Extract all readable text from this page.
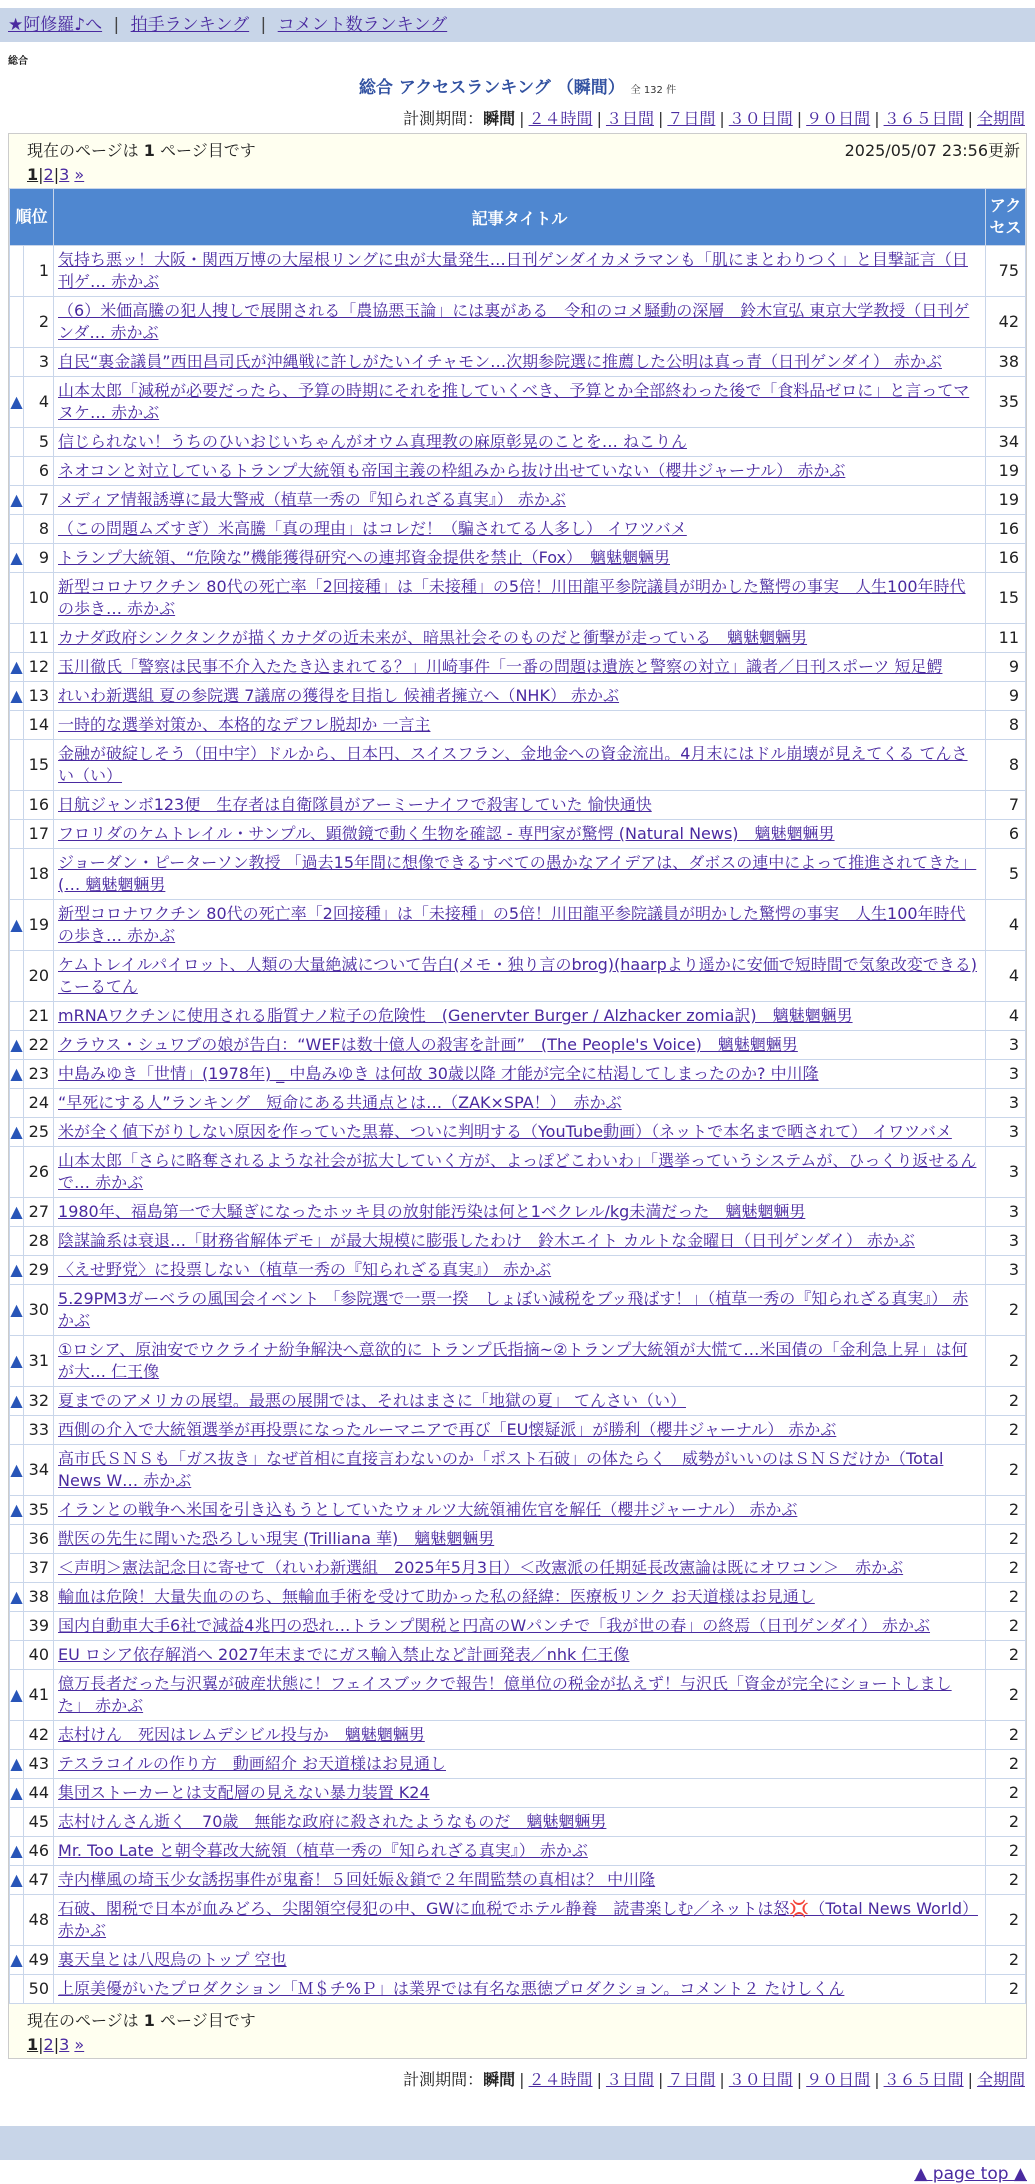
★阿修羅♪へ | 拍手ランキング | コメント数ランキング
総合
総合 アクセスランキング （瞬間） 全 132 件
計測期間：瞬間 | ２４時間 | ３日間 | ７日間 | ３０日間 | ９０日間 | ３６５日間 | 全期間
現在のページは 1 ページ目です	2025/05/07 23:56更新
1|2|3 »
順位		記事タイトル	アクセス
	1	気持ち悪ッ！大阪・関西万博の大屋根リングに虫が大量発生…日刊ゲンダイカメラマンも「肌にまとわりつく」と目撃証言（日刊ゲ… 赤かぶ	75
	2	（6）米価高騰の犯人捜しで展開される「農協悪玉論」には裏がある　令和のコメ騒動の深層　鈴木宣弘 東京大学教授（日刊ゲンダ… 赤かぶ	42
	3	自民“裏金議員”西田昌司氏が沖縄戦に許しがたいイチャモン…次期参院選に推薦した公明は真っ青（日刊ゲンダイ） 赤かぶ	38
▲	4	山本太郎「減税が必要だったら、予算の時期にそれを推していくべき、予算とか全部終わった後で「食料品ゼロに」と言ってマヌケ… 赤かぶ	35
	5	信じられない！うちのひいおじいちゃんがオウム真理教の麻原彰晃のことを… ねこりん	34
	6	ネオコンと対立しているトランプ大統領も帝国主義の枠組みから抜け出せていない（櫻井ジャーナル） 赤かぶ	19
▲	7	メディア情報誘導に最大警戒（植草一秀の『知られざる真実』） 赤かぶ	19
	8	（この問題ムズすぎ）米高騰「真の理由」はコレだ！（騙されてる人多し） イワツバメ	16
▲	9	トランプ大統領、“危険な”機能獲得研究への連邦資金提供を禁止（Fox）　魑魅魍魎男	16
	10	新型コロナワクチン 80代の死亡率「2回接種」は「未接種」の5倍！川田龍平参院議員が明かした驚愕の事実　人生100年時代の歩き… 赤かぶ	15
	11	カナダ政府シンクタンクが描くカナダの近未来が、暗黒社会そのものだと衝撃が走っている　魑魅魍魎男	11
▲	12	玉川徹氏「警察は民事不介入たたき込まれてる？」川崎事件「一番の問題は遺族と警察の対立」識者／日刊スポーツ 短足鰐	9
▲	13	れいわ新選組 夏の参院選 7議席の獲得を目指し 候補者擁立へ（NHK） 赤かぶ	9
	14	一時的な選挙対策か、本格的なデフレ脱却か 一言主	8
	15	金融が破綻しそう（田中宇）ドルから、日本円、スイスフラン、金地金への資金流出。4月末にはドル崩壊が見えてくる てんさい（い）	8
	16	日航ジャンボ123便　生存者は自衛隊員がアーミーナイフで殺害していた 愉快通快	7
	17	フロリダのケムトレイル・サンプル、顕微鏡で動く生物を確認 - 専門家が驚愕 (Natural News)　魑魅魍魎男	6
	18	ジョーダン・ピーターソン教授 「過去15年間に想像できるすべての愚かなアイデアは、ダボスの連中によって推進されてきた」(… 魑魅魍魎男	5
▲	19	新型コロナワクチン 80代の死亡率「2回接種」は「未接種」の5倍！川田龍平参院議員が明かした驚愕の事実　人生100年時代の歩き… 赤かぶ	4
	20	ケムトレイルパイロット、人類の大量絶滅について告白(メモ・独り言のbrog)(haarpより遥かに安価で短時間で気象改変できる) こーるてん	4
	21	mRNAワクチンに使用される脂質ナノ粒子の危険性　(Genervter Burger / Alzhacker zomia訳)　魑魅魍魎男	4
▲	22	クラウス・シュワブの娘が告白：“WEFは数十億人の殺害を計画”　(The People's Voice)　魑魅魍魎男	3
▲	23	中島みゆき「世情」(1978年) _ 中島みゆき は何故 30歳以降 才能が完全に枯渇してしまったのか? 中川隆	3
	24	“早死にする人”ランキング　短命にある共通点とは…（ZAK×SPA！）　赤かぶ	3
▲	25	米が全く値下がりしない原因を作っていた黒幕、ついに判明する（YouTube動画）（ネットで本名まで晒されて） イワツバメ	3
	26	山本太郎「さらに略奪されるような社会が拡大していく方が、よっぽどこわいわ」「選挙っていうシステムが、ひっくり返せるんで… 赤かぶ	3
▲	27	1980年、福島第一で大騒ぎになったホッキ貝の放射能汚染は何と1ベクレル/kg未満だった　魑魅魍魎男	3
	28	陰謀論系は衰退…「財務省解体デモ」が最大規模に膨張したわけ　鈴木エイト カルトな金曜日（日刊ゲンダイ） 赤かぶ	3
▲	29	〈えせ野党〉に投票しない（植草一秀の『知られざる真実』） 赤かぶ	3
▲	30	5.29PM3ガーベラの風国会イベント 「参院選で一票一揆　しょぼい減税をブッ飛ばす！」（植草一秀の『知られざる真実』） 赤かぶ	2
▲	31	①ロシア、原油安でウクライナ紛争解決へ意欲的に トランプ氏指摘~②トランプ大統領が大慌て…米国債の「金利急上昇」は何が大… 仁王像	2
▲	32	夏までのアメリカの展望。最悪の展開では、それはまさに「地獄の夏」 てんさい（い）	2
	33	西側の介入で大統領選挙が再投票になったルーマニアで再び「EU懐疑派」が勝利（櫻井ジャーナル） 赤かぶ	2
▲	34	高市氏ＳＮＳも「ガス抜き」なぜ首相に直接言わないのか「ポスト石破」の体たらく　威勢がいいのはＳＮＳだけか（Total News W… 赤かぶ	2
▲	35	イランとの戦争へ米国を引き込もうとしていたウォルツ大統領補佐官を解任（櫻井ジャーナル） 赤かぶ	2
	36	獣医の先生に聞いた恐ろしい現実 (Trilliana 華)　魑魅魍魎男	2
	37	＜声明＞憲法記念日に寄せて（れいわ新選組　2025年5月3日）＜改憲派の任期延長改憲論は既にオワコン＞　赤かぶ	2
▲	38	輸血は危険！大量失血ののち、無輸血手術を受けて助かった私の経緯：医療板リンク お天道様はお見通し	2
	39	国内自動車大手6社で減益4兆円の恐れ…トランプ関税と円高のWパンチで「我が世の春」の終焉（日刊ゲンダイ） 赤かぶ	2
	40	EU ロシア依存解消へ 2027年末までにガス輸入禁止など計画発表／nhk 仁王像	2
▲	41	億万長者だった与沢翼が破産状態に！フェイスブックで報告！億単位の税金が払えず！与沢氏「資金が完全にショートしました」 赤かぶ	2
	42	志村けん　死因はレムデシビル投与か　魑魅魍魎男	2
▲	43	テスラコイルの作り方　動画紹介 お天道様はお見通し	2
▲	44	集団ストーカーとは支配層の見えない暴力装置 K24	2
	45	志村けんさん逝く　70歳　無能な政府に殺されたようなものだ　魑魅魍魎男	2
▲	46	Mr. Too Late と朝令暮改大統領（植草一秀の『知られざる真実』） 赤かぶ	2
▲	47	寺内樺風の埼玉少女誘拐事件が鬼畜！５回妊娠＆鎖で２年間監禁の真相は？ 中川隆	2
	48	石破、閣税で日本が血みどろ、尖閣領空侵犯の中、GWに血税でホテル静養　読書楽しむ／ネットは怒💢（Total News World） 赤かぶ	2
▲	49	裏天皇とは八咫烏のトップ 空也	2
	50	上原美優がいたプロダクション「Ｍ＄チ%Ｐ」は業界では有名な悪徳プロダクション。コメント２ たけしくん	2
現在のページは 1 ページ目です
1|2|3 »
計測期間：瞬間 | ２４時間 | ３日間 | ７日間 | ３０日間 | ９０日間 | ３６５日間 | 全期間
▲ page top ▲
